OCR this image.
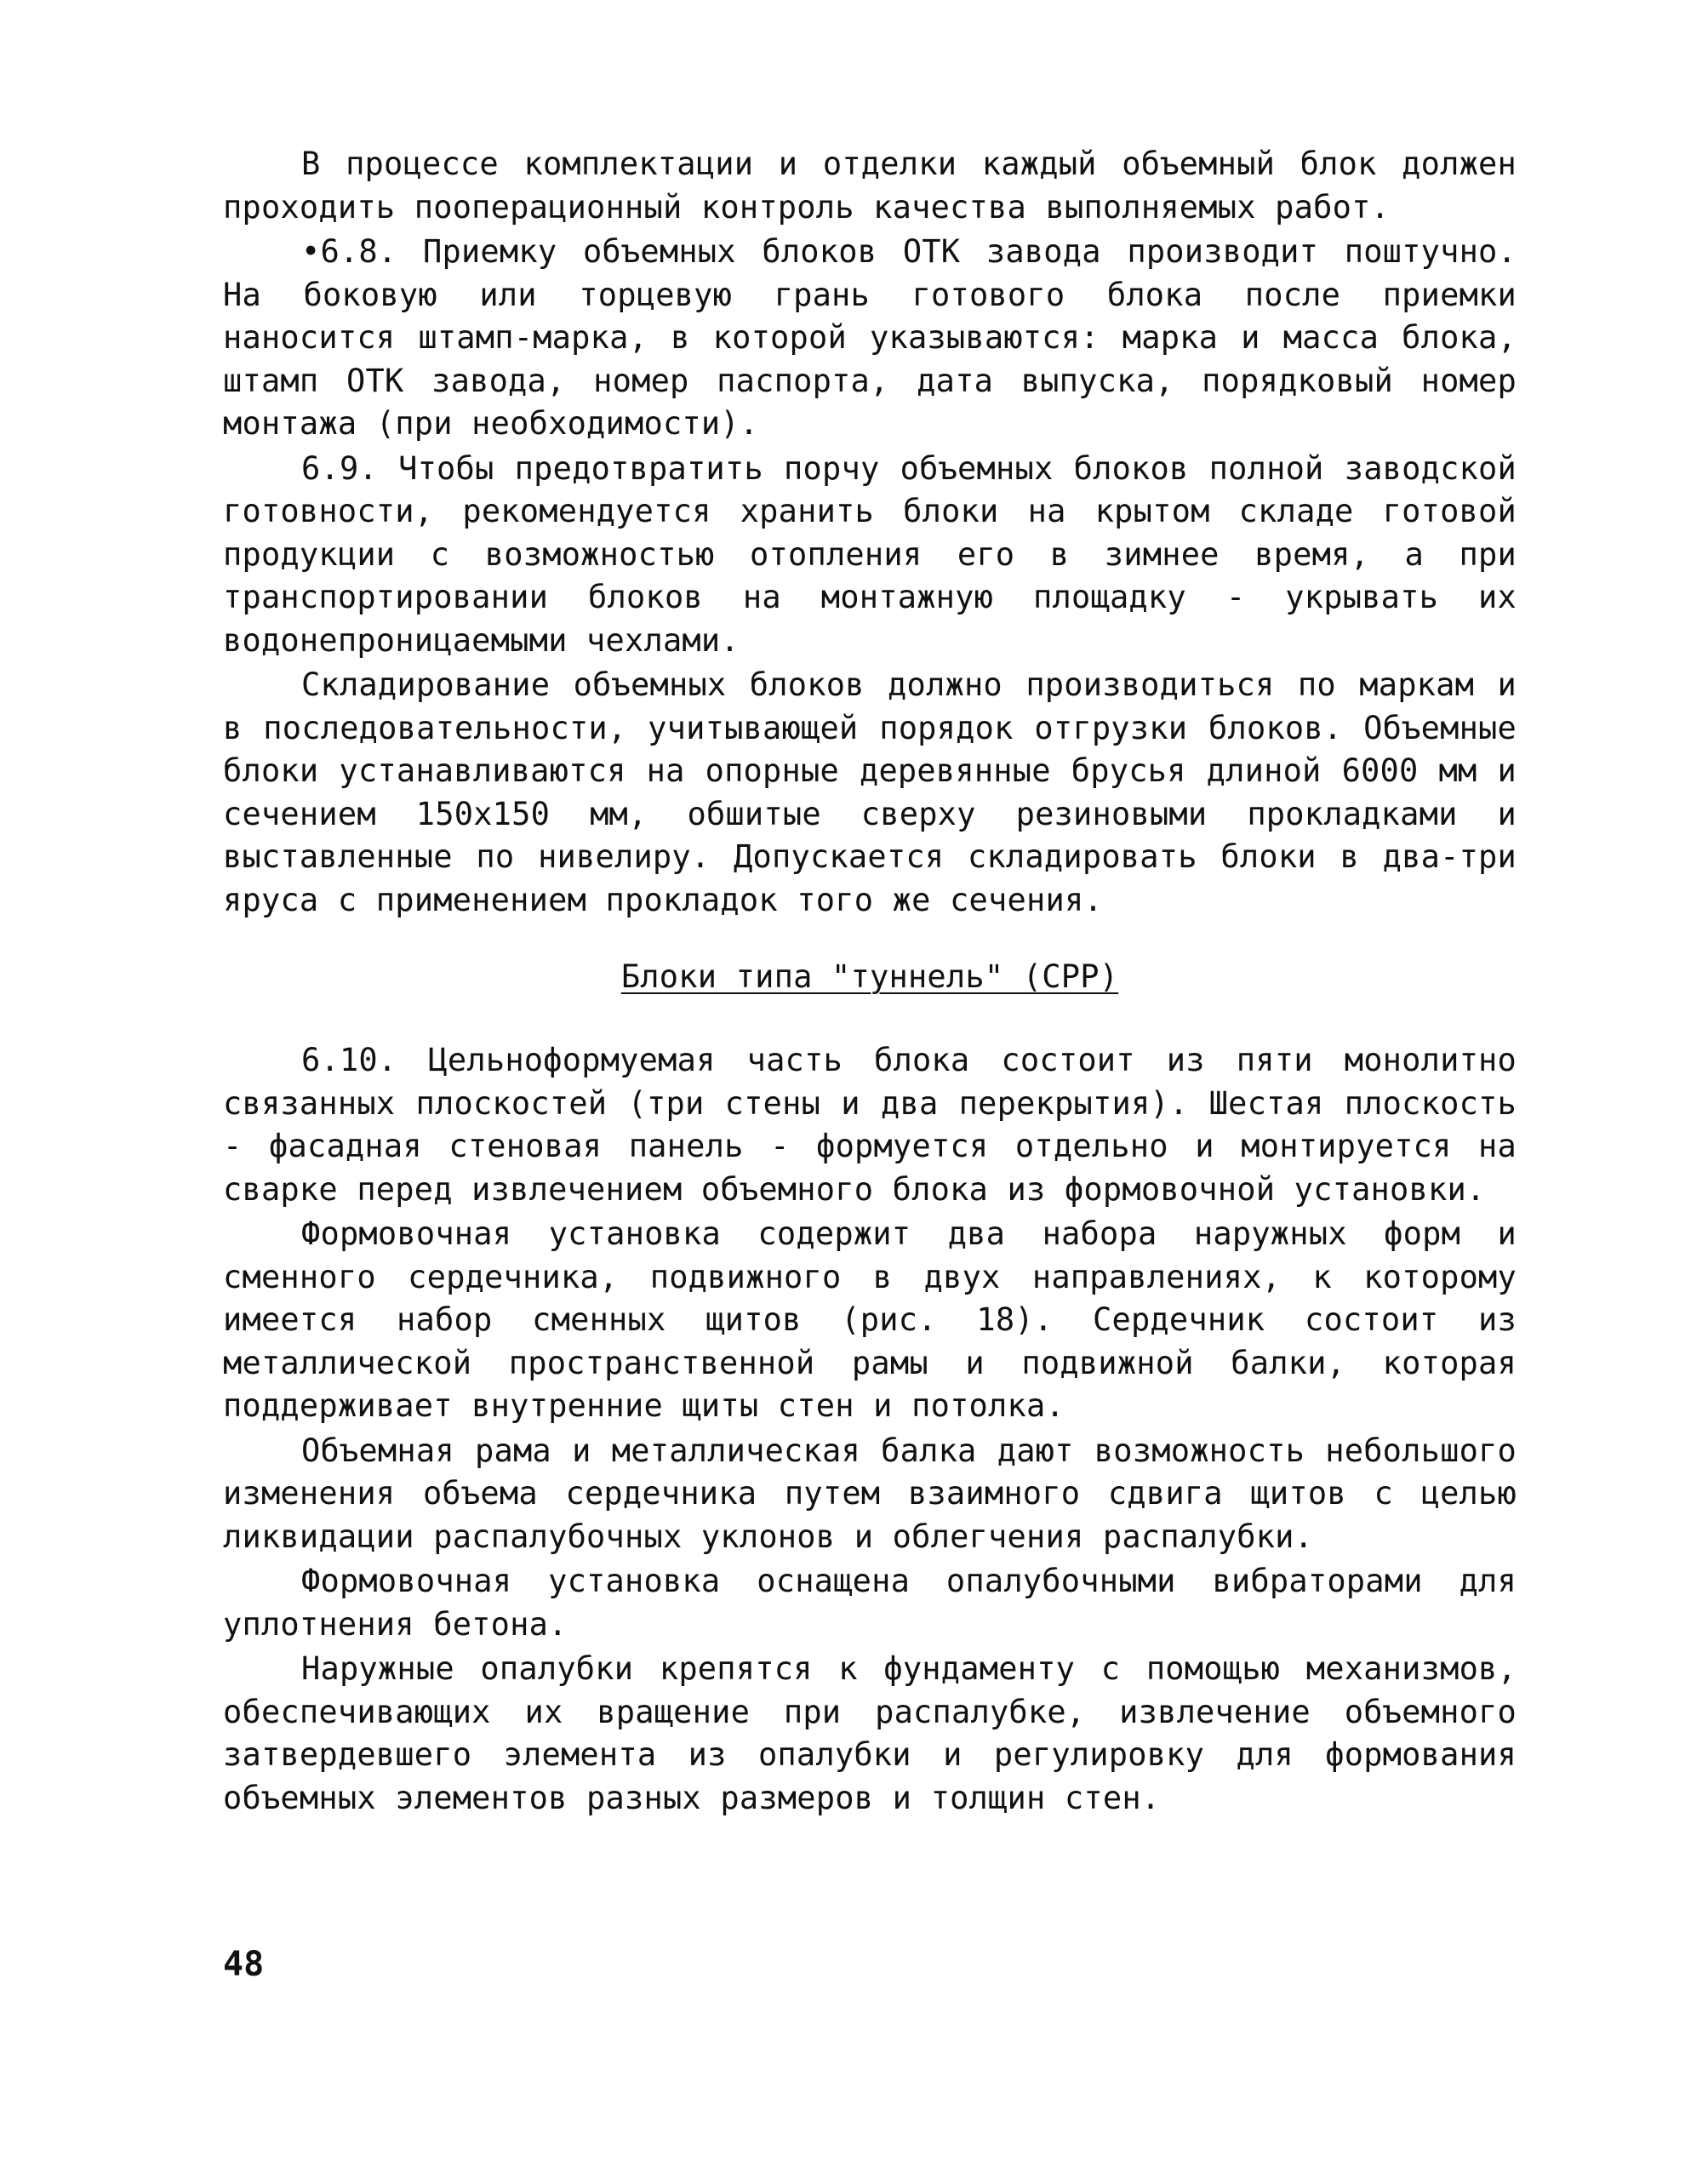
В процессе комплектации и отделки каждый объемный блок должен проходить пооперационный контроль качества выполняемых работ.

•6.8. Приемку объемных блоков ОТК завода производит поштучно. На боковую или торцевую грань готового блока после приемки наносится штамп-марка, в которой указываются: марка и масса блока, штамп ОТК завода, номер паспорта, дата выпуска, порядковый номер монтажа (при необходимости).

6.9. Чтобы предотвратить порчу объемных блоков полной заводской готовности, рекомендуется хранить блоки на крытом складе готовой продукции с возможностью отопления его в зимнее время, а при транспортировании блоков на монтажную площадку - укрывать их водонепроницаемыми чехлами.

Складирование объемных блоков должно производиться по маркам и в последовательности, учитывающей порядок отгрузки блоков. Объемные блоки устанавливаются на опорные деревянные брусья длиной 6000 мм и сечением 150x150 мм, обшитые сверху резиновыми прокладками и выставленные по нивелиру. Допускается складировать блоки в два-три яруса с применением прокладок того же сечения.

Блоки типа "туннель" (СРР)

6.10. Цельноформуемая часть блока состоит из пяти монолитно связанных плоскостей (три стены и два перекрытия). Шестая плоскость - фасадная стеновая панель - формуется отдельно и монтируется на сварке перед извлечением объемного блока из формовочной установки.

Формовочная установка содержит два набора наружных форм и сменного сердечника, подвижного в двух направлениях, к которому имеется набор сменных щитов (рис. 18). Сердечник состоит из металлической пространственной рамы и подвижной балки, которая поддерживает внутренние щиты стен и потолка.

Объемная рама и металлическая балка дают возможность небольшого изменения объема сердечника путем взаимного сдвига щитов с целью ликвидации распалубочных уклонов и облегчения распалубки.

Формовочная установка оснащена опалубочными вибраторами для уплотнения бетона.

Наружные опалубки крепятся к фундаменту с помощью механизмов, обеспечивающих их вращение при распалубке, извлечение объемного затвердевшего элемента из опалубки и регулировку для формования объемных элементов разных размеров и толщин стен.

48
